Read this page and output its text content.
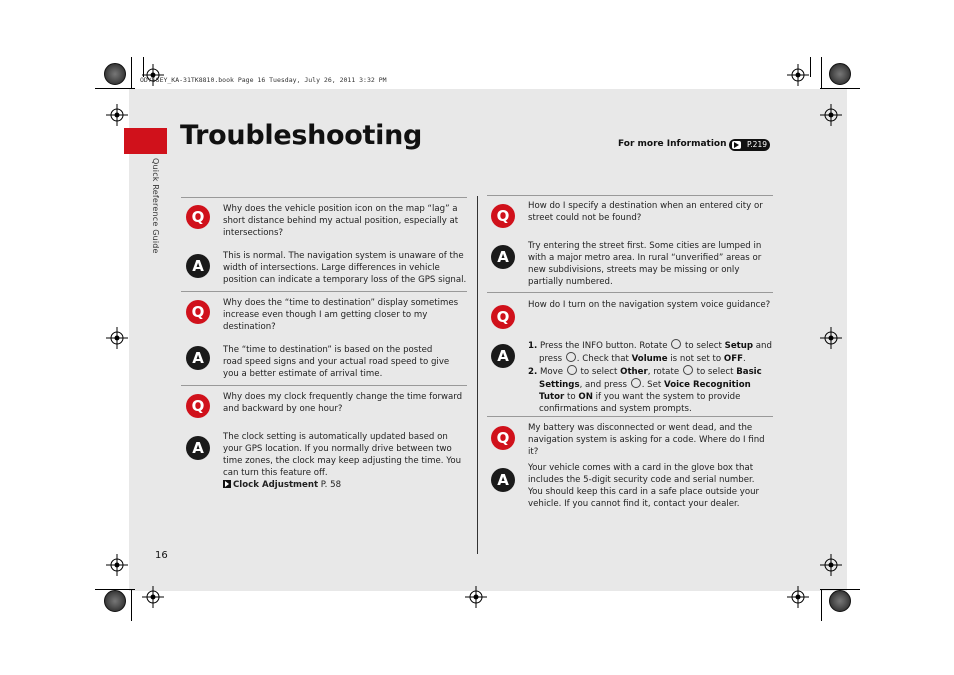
ODYSSEY_KA-31TK8810.book Page 16 Tuesday, July 26, 2011 3:32 PM
Troubleshooting	For more Information	P.219
Quick Reference Guide
16
Q	Why does the vehicle position icon on the map “lag” a short distance behind my actual position, especially at intersections?
A
This is normal. The navigation system is unaware of the width of intersections. Large differences in vehicle position can indicate a temporary loss of the GPS signal.
Q	Why does the “time to destination” display sometimes increase even though I am getting closer to my destination?
A	The “time to destination” is based on the posted road speed signs and your actual road speed to give you a better estimate of arrival time.
Q	Why does my clock frequently change the time forward and backward by one hour?
A
The clock setting is automatically updated based on your GPS location. If you normally drive between two time zones, the clock may keep adjusting the time. You can turn this feature off.
Clock Adjustment P. 58
Q
How do I specify a destination when an entered city or street could not be found?
A
Try entering the street first. Some cities are lumped in with a major metro area. In rural “unverified” areas or new subdivisions, streets may be missing or only partially numbered.
Q
How do I turn on the navigation system voice guidance?
A
1. Press the INFO button. Rotate to select Setup and press . Check that Volume is not set to OFF.
2. Move to select Other, rotate to select Basic Settings, and press . Set Voice Recognition Tutor to ON if you want the system to provide confirmations and system prompts.
Q
My battery was disconnected or went dead, and the navigation system is asking for a code. Where do I find it?
A
Your vehicle comes with a card in the glove box that includes the 5-digit security code and serial number. You should keep this card in a safe place outside your vehicle. If you cannot find it, contact your dealer.
